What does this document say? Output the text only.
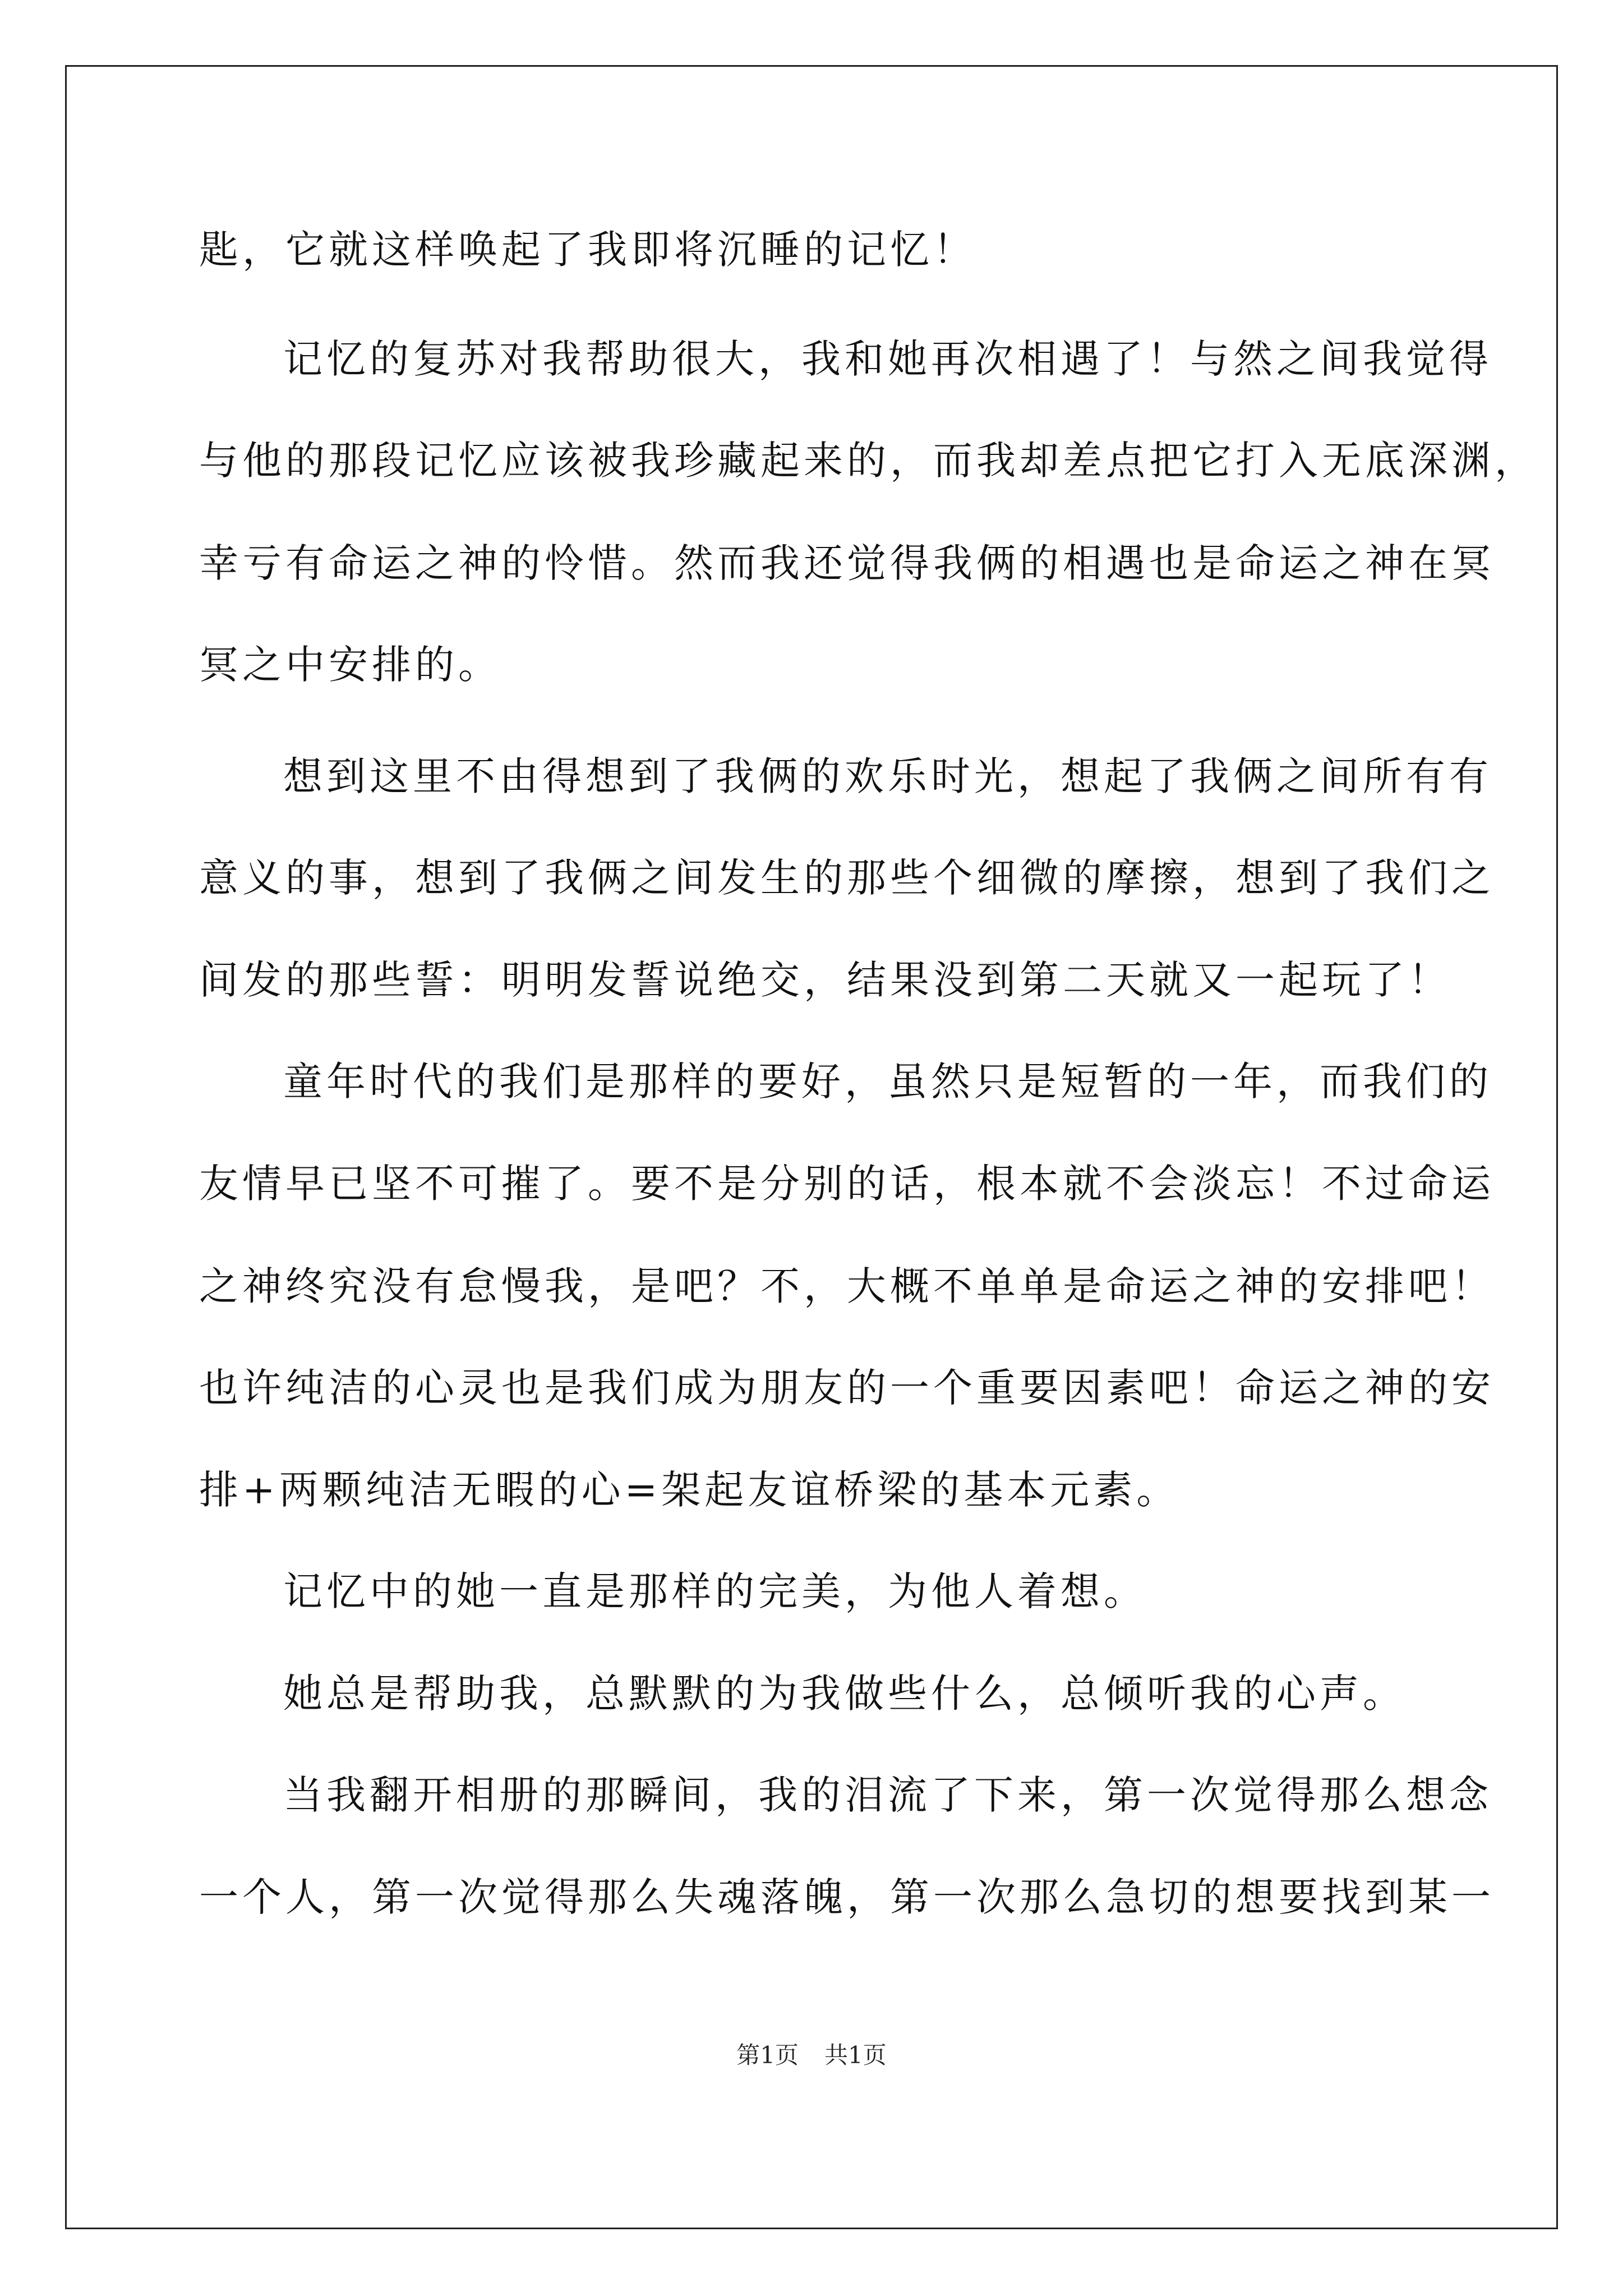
匙，它就这样唤起了我即将沉睡的记忆！
记忆的复苏对我帮助很大，我和她再次相遇了！与然之间我觉得
与他的那段记忆应该被我珍藏起来的，而我却差点把它打入无底深渊，
幸亏有命运之神的怜惜。然而我还觉得我俩的相遇也是命运之神在冥
冥之中安排的。
想到这里不由得想到了我俩的欢乐时光，想起了我俩之间所有有
意义的事，想到了我俩之间发生的那些个细微的摩擦，想到了我们之
间发的那些誓：明明发誓说绝交，结果没到第二天就又一起玩了！
童年时代的我们是那样的要好，虽然只是短暂的一年，而我们的
友情早已坚不可摧了。要不是分别的话，根本就不会淡忘！不过命运
之神终究没有怠慢我，是吧？不，大概不单单是命运之神的安排吧！
也许纯洁的心灵也是我们成为朋友的一个重要因素吧！命运之神的安
排+两颗纯洁无暇的心=架起友谊桥梁的基本元素。
记忆中的她一直是那样的完美，为他人着想。
她总是帮助我，总默默的为我做些什么，总倾听我的心声。
当我翻开相册的那瞬间，我的泪流了下来，第一次觉得那么想念
一个人，第一次觉得那么失魂落魄，第一次那么急切的想要找到某一
第1页 共1页
